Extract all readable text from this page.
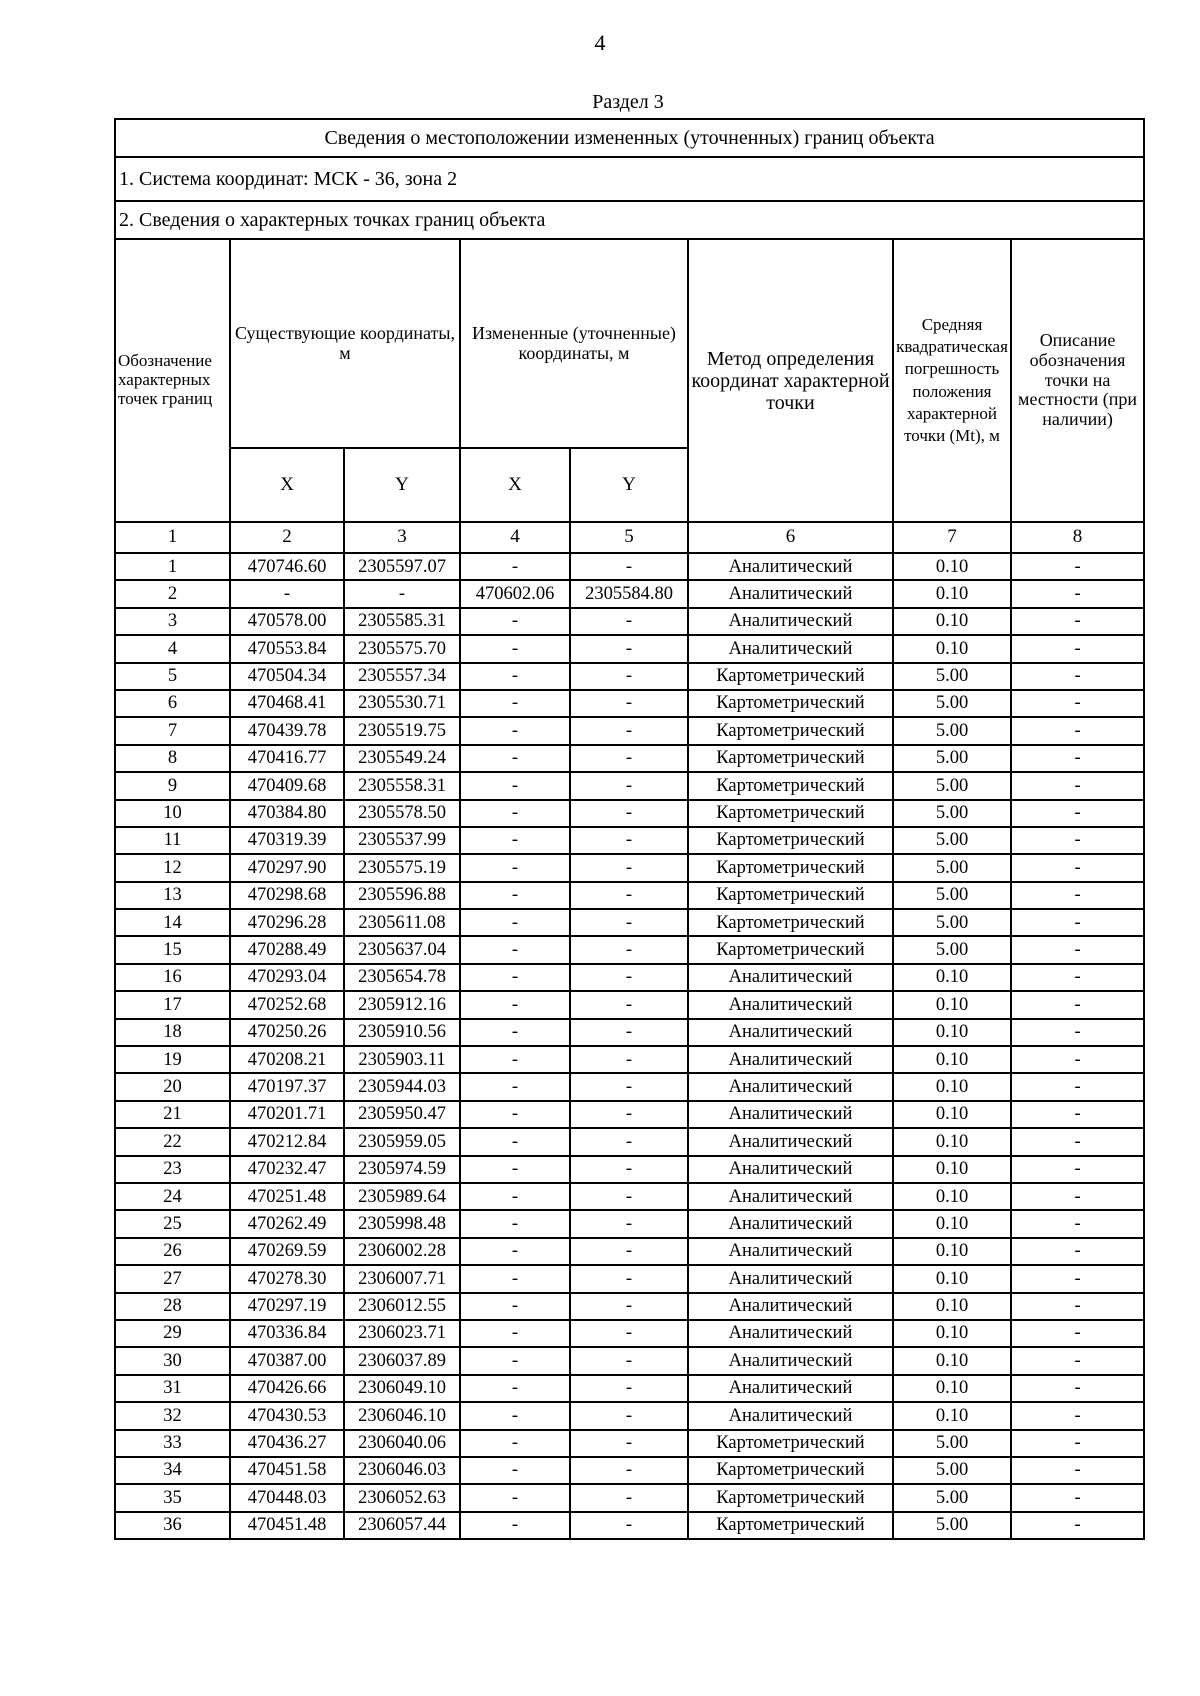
4
Раздел 3
Сведения о местоположении измененных (уточненных) границ объекта							
1. Система координат: МСК - 36, зона 2							
2. Сведения о характерных точках границ объекта							
Обозначение характерных точек границ	Существующие координаты, м		Измененные (уточненные) координаты, м		Метод определения координат характерной точки	Средняя квадратическая погрешность положения характерной точки (Mt), м	Описание обозначения точки на местности (при наличии)
	X	Y	X	Y			
1	2	3	4	5	6	7	8
1	470746.60	2305597.07	-	-	Аналитический	0.10	-
2	-	-	470602.06	2305584.80	Аналитический	0.10	-
3	470578.00	2305585.31	-	-	Аналитический	0.10	-
4	470553.84	2305575.70	-	-	Аналитический	0.10	-
5	470504.34	2305557.34	-	-	Картометрический	5.00	-
6	470468.41	2305530.71	-	-	Картометрический	5.00	-
7	470439.78	2305519.75	-	-	Картометрический	5.00	-
8	470416.77	2305549.24	-	-	Картометрический	5.00	-
9	470409.68	2305558.31	-	-	Картометрический	5.00	-
10	470384.80	2305578.50	-	-	Картометрический	5.00	-
11	470319.39	2305537.99	-	-	Картометрический	5.00	-
12	470297.90	2305575.19	-	-	Картометрический	5.00	-
13	470298.68	2305596.88	-	-	Картометрический	5.00	-
14	470296.28	2305611.08	-	-	Картометрический	5.00	-
15	470288.49	2305637.04	-	-	Картометрический	5.00	-
16	470293.04	2305654.78	-	-	Аналитический	0.10	-
17	470252.68	2305912.16	-	-	Аналитический	0.10	-
18	470250.26	2305910.56	-	-	Аналитический	0.10	-
19	470208.21	2305903.11	-	-	Аналитический	0.10	-
20	470197.37	2305944.03	-	-	Аналитический	0.10	-
21	470201.71	2305950.47	-	-	Аналитический	0.10	-
22	470212.84	2305959.05	-	-	Аналитический	0.10	-
23	470232.47	2305974.59	-	-	Аналитический	0.10	-
24	470251.48	2305989.64	-	-	Аналитический	0.10	-
25	470262.49	2305998.48	-	-	Аналитический	0.10	-
26	470269.59	2306002.28	-	-	Аналитический	0.10	-
27	470278.30	2306007.71	-	-	Аналитический	0.10	-
28	470297.19	2306012.55	-	-	Аналитический	0.10	-
29	470336.84	2306023.71	-	-	Аналитический	0.10	-
30	470387.00	2306037.89	-	-	Аналитический	0.10	-
31	470426.66	2306049.10	-	-	Аналитический	0.10	-
32	470430.53	2306046.10	-	-	Аналитический	0.10	-
33	470436.27	2306040.06	-	-	Картометрический	5.00	-
34	470451.58	2306046.03	-	-	Картометрический	5.00	-
35	470448.03	2306052.63	-	-	Картометрический	5.00	-
36	470451.48	2306057.44	-	-	Картометрический	5.00	-
